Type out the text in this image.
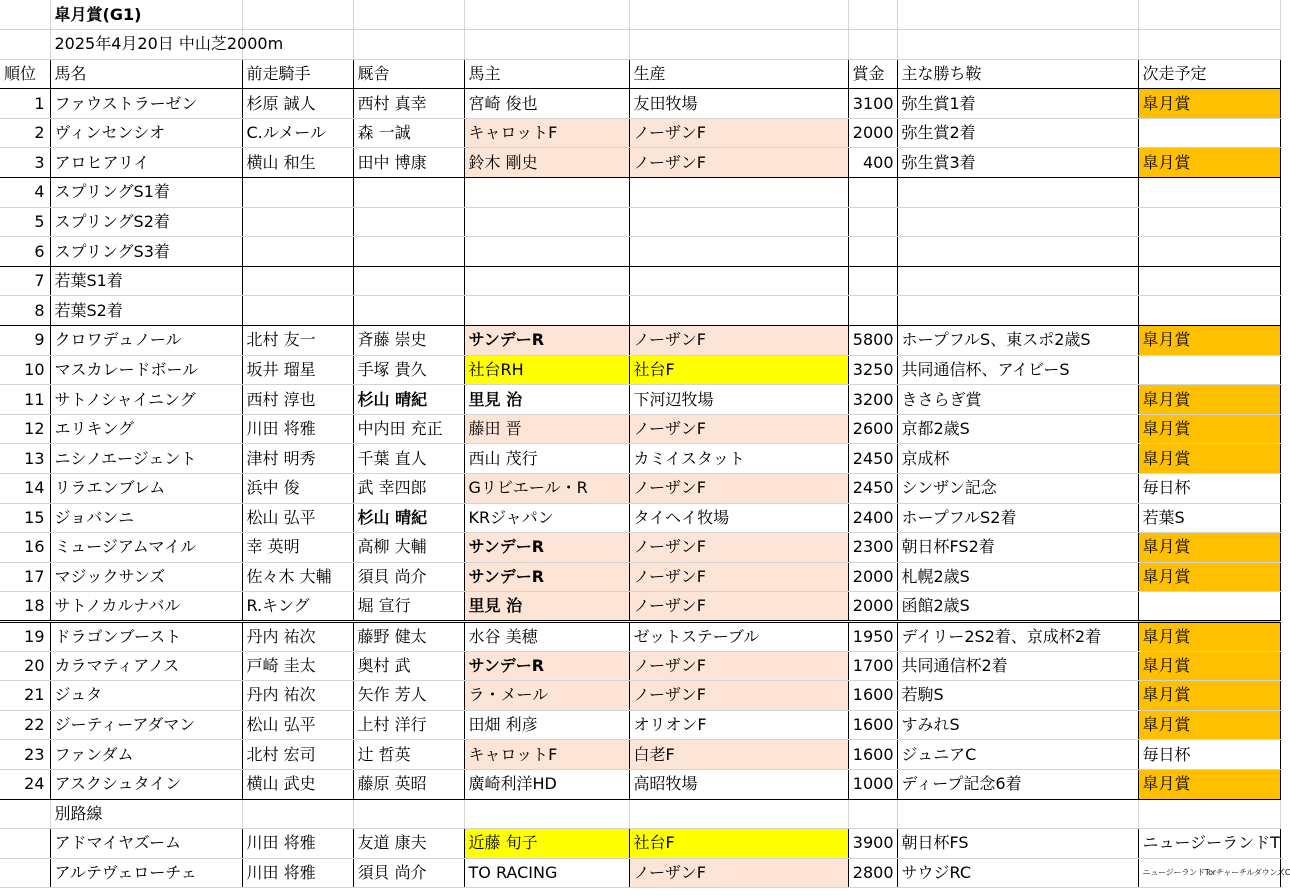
	皐月賞(G1)							
	2025年4月20日 中山芝2000m							
順位	馬名	前走騎手	厩舎	馬主	生産	賞金	主な勝ち鞍	次走予定
1	ファウストラーゼン	杉原 誠人	西村 真幸	宮崎 俊也	友田牧場	3100	弥生賞1着	皐月賞
2	ヴィンセンシオ	C.ルメール	森 一誠	キャロットF	ノーザンF	2000	弥生賞2着	
3	アロヒアリイ	横山 和生	田中 博康	鈴木 剛史	ノーザンF	400	弥生賞3着	皐月賞
4	スプリングS1着							
5	スプリングS2着							
6	スプリングS3着							
7	若葉S1着							
8	若葉S2着							
9	クロワデュノール	北村 友一	斉藤 崇史	サンデーR	ノーザンF	5800	ホープフルS、東スポ2歳S	皐月賞
10	マスカレードボール	坂井 瑠星	手塚 貴久	社台RH	社台F	3250	共同通信杯、アイビーS	
11	サトノシャイニング	西村 淳也	杉山 晴紀	里見 治	下河辺牧場	3200	きさらぎ賞	皐月賞
12	エリキング	川田 将雅	中内田 充正	藤田 晋	ノーザンF	2600	京都2歳S	皐月賞
13	ニシノエージェント	津村 明秀	千葉 直人	西山 茂行	カミイスタット	2450	京成杯	皐月賞
14	リラエンブレム	浜中 俊	武 幸四郎	Gリビエール・R	ノーザンF	2450	シンザン記念	毎日杯
15	ジョバンニ	松山 弘平	杉山 晴紀	KRジャパン	タイヘイ牧場	2400	ホープフルS2着	若葉S
16	ミュージアムマイル	幸 英明	高柳 大輔	サンデーR	ノーザンF	2300	朝日杯FS2着	皐月賞
17	マジックサンズ	佐々木 大輔	須貝 尚介	サンデーR	ノーザンF	2000	札幌2歳S	皐月賞
18	サトノカルナバル	R.キング	堀 宣行	里見 治	ノーザンF	2000	函館2歳S	
19	ドラゴンブースト	丹内 祐次	藤野 健太	水谷 美穂	ゼットステーブル	1950	デイリー2S2着、京成杯2着	皐月賞
20	カラマティアノス	戸崎 圭太	奥村 武	サンデーR	ノーザンF	1700	共同通信杯2着	皐月賞
21	ジュタ	丹内 祐次	矢作 芳人	ラ・メール	ノーザンF	1600	若駒S	皐月賞
22	ジーティーアダマン	松山 弘平	上村 洋行	田畑 利彦	オリオンF	1600	すみれS	皐月賞
23	ファンダム	北村 宏司	辻 哲英	キャロットF	白老F	1600	ジュニアC	毎日杯
24	アスクシュタイン	横山 武史	藤原 英昭	廣崎利洋HD	高昭牧場	1000	ディープ記念6着	皐月賞
	別路線							
	アドマイヤズーム	川田 将雅	友道 康夫	近藤 旬子	社台F	3900	朝日杯FS	ニュージーランドT
	アルテヴェローチェ	川田 将雅	須貝 尚介	TO RACING	ノーザンF	2800	サウジRC	ニュージーランドTorチャーチルダウンズC
